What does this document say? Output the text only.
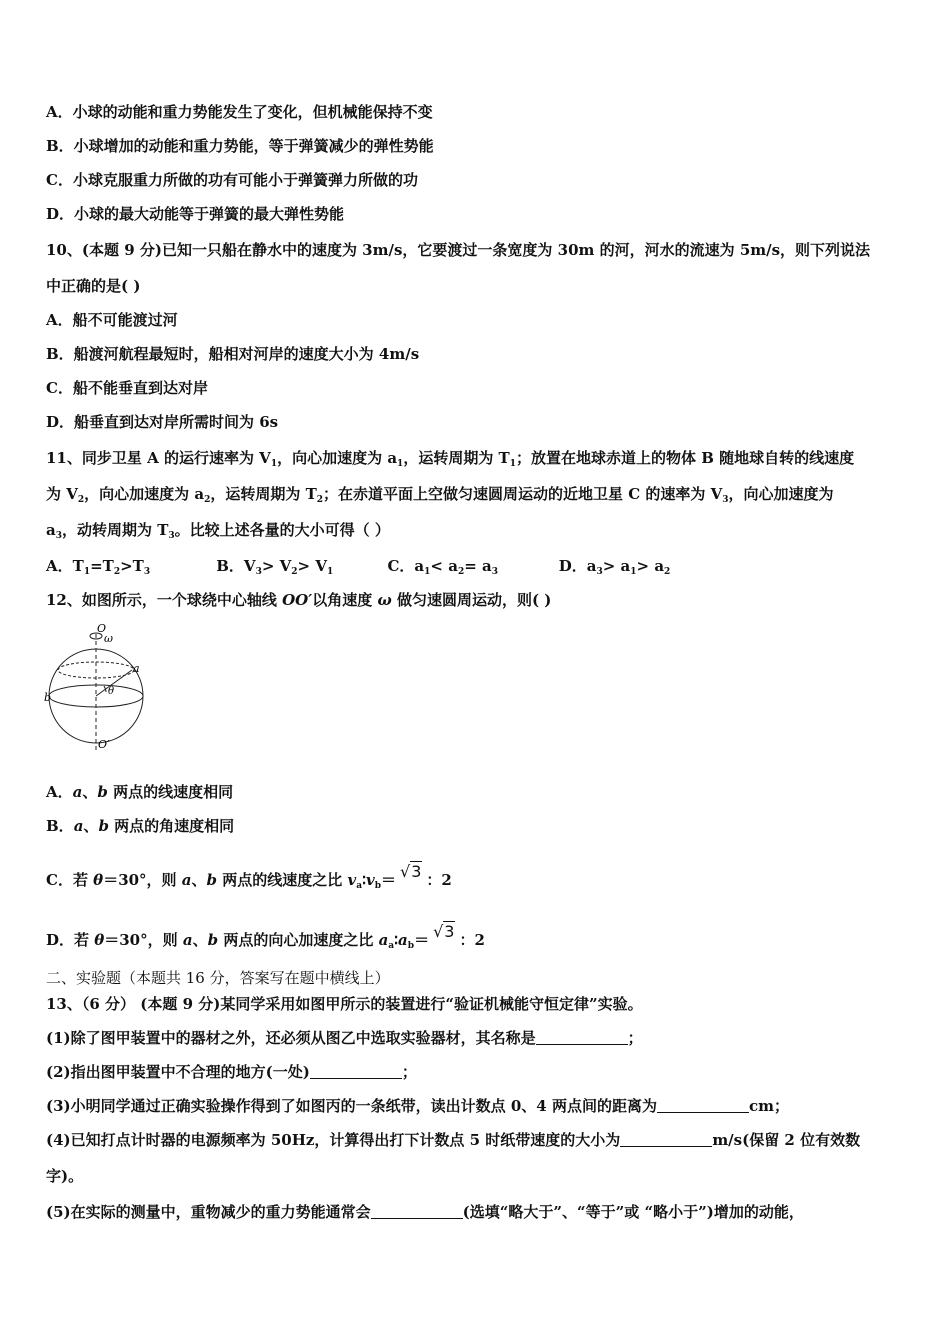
A．小球的动能和重力势能发生了变化，但机械能保持不变
B．小球增加的动能和重力势能，等于弹簧减少的弹性势能
C．小球克服重力所做的功有可能小于弹簧弹力所做的功
D．小球的最大动能等于弹簧的最大弹性势能
10、(本题 9 分)已知一只船在静水中的速度为 3m/s，它要渡过一条宽度为 30m 的河，河水的流速为 5m/s，则下列说法
中正确的是( )
A．船不可能渡过河
B．船渡河航程最短时，船相对河岸的速度大小为 4m/s
C．船不能垂直到达对岸
D．船垂直到达对岸所需时间为 6s
11、同步卫星 A 的运行速率为 $V_1$，向心加速度为 $a_1$，运转周期为 $T_1$；放置在地球赤道上的物体 B 随地球自转的线速度
为 $V_2$，向心加速度为 $a_2$，运转周期为 $T_2$；在赤道平面上空做匀速圆周运动的近地卫星 C 的速率为 $V_3$，向心加速度为
$a_3$，动转周期为 $T_3$。比较上述各量的大小可得（ ）
A．$T_1=T_2>T_3$	B．$V_3> V_2> V_1$	C．$a_1< a_2= a_3$	D．$a_3> a_1> a_2$
12、如图所示，一个球绕中心轴线 OO′以角速度 ω 做匀速圆周运动，则( )
O
ω
a
θ
b
O′
A．a、b 两点的线速度相同
B．a、b 两点的角速度相同
C．若 θ＝30°，则 a、b 两点的线速度之比 $v_a∶v_b= √3$ ：2
D．若 θ＝30°，则 a、b 两点的向心加速度之比 $a_a∶a_b= √3$ ：2
二、实验题（本题共 16 分，答案写在题中横线上）
13、（6 分） (本题 9 分)某同学采用如图甲所示的装置进行“验证机械能守恒定律”实验。
(1)除了图甲装置中的器材之外，还必须从图乙中选取实验器材，其名称是	；
(2)指出图甲装置中不合理的地方(一处)	；
(3)小明同学通过正确实验操作得到了如图丙的一条纸带，读出计数点 0、4 两点间的距离为	cm；
(4)已知打点计时器的电源频率为 50Hz，计算得出打下计数点 5 时纸带速度的大小为	m/s(保留 2 位有效数
字)。
(5)在实际的测量中，重物减少的重力势能通常会	(选填“略大于”、“等于”或 “略小于”)增加的动能，
